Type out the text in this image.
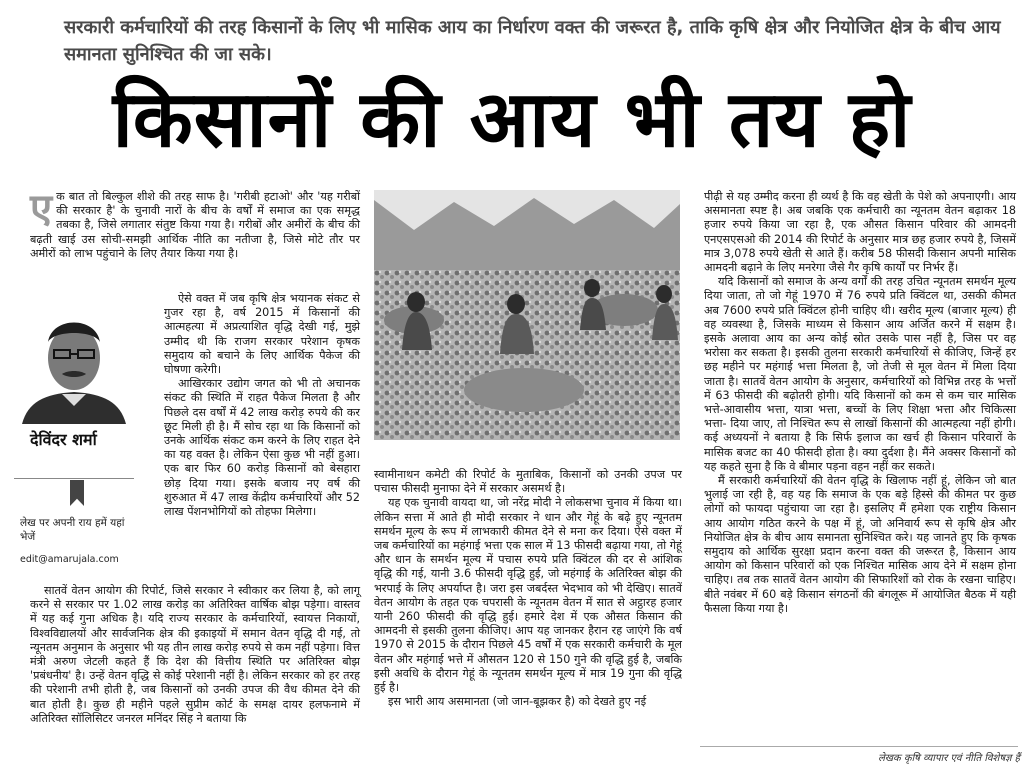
सरकारी कर्मचारियों की तरह किसानों के लिए भी मासिक आय का निर्धारण वक्त की जरूरत है, ताकि कृषि क्षेत्र और नियोजित क्षेत्र के बीच आय समानता सुनिश्चित की जा सके।
किसानों की आय भी तय हो
ए क बात तो बिल्कुल शीशे की तरह साफ है। 'गरीबी हटाओ' और 'यह गरीबों की सरकार है' के चुनावी नारों के बीच के वर्षों में समाज का एक समृद्ध तबका है, जिसे लगातार संतुष्ट किया गया है। गरीबों और अमीरों के बीच की बढ़ती खाई उस सोची-समझी आर्थिक नीति का नतीजा है, जिसे मोटे तौर पर अमीरों को लाभ पहुंचाने के लिए तैयार किया गया है।

देविंदर शर्मा
लेख पर अपनी राय हमें यहां भेजें
edit@amarujala.com

ऐसे वक्त में जब कृषि क्षेत्र भयानक संकट से गुजर रहा है, वर्ष 2015 में किसानों की आत्महत्या में अप्रत्याशित वृद्धि देखी गई, मुझे उम्मीद थी कि राजग सरकार परेशान कृषक समुदाय को बचाने के लिए आर्थिक पैकेज की घोषणा करेगी।

आखिरकार उद्योग जगत को भी तो अचानक संकट की स्थिति में राहत पैकेज मिलता है और पिछले दस वर्षों में 42 लाख करोड़ रुपये की कर छूट मिली ही है। मैं सोच रहा था कि किसानों को उनके आर्थिक संकट कम करने के लिए राहत देने का यह वक्त है। लेकिन ऐसा कुछ भी नहीं हुआ। एक बार फिर 60 करोड़ किसानों को बेसहारा छोड़ दिया गया। इसके बजाय नए वर्ष की शुरुआत में 47 लाख केंद्रीय कर्मचारियों और 52 लाख पेंशनभोगियों को तोहफा मिलेगा।

सातवें वेतन आयोग की रिपोर्ट, जिसे सरकार ने स्वीकार कर लिया है, को लागू करने से सरकार पर 1.02 लाख करोड़ का अतिरिक्त वार्षिक बोझ पड़ेगा। वास्तव में यह कई गुना अधिक है। यदि राज्य सरकार के कर्मचारियों, स्वायत्त निकायों, विश्वविद्यालयों और सार्वजनिक क्षेत्र की इकाइयों में समान वेतन वृद्धि दी गई, तो न्यूनतम अनुमान के अनुसार भी यह तीन लाख करोड़ रुपये से कम नहीं पड़ेगा। वित्त मंत्री अरुण जेटली कहते हैं कि देश की वित्तीय स्थिति पर अतिरिक्त बोझ 'प्रबंधनीय' है। उन्हें वेतन वृद्धि से कोई परेशानी नहीं है। लेकिन सरकार को हर तरह की परेशानी तभी होती है, जब किसानों को उनकी उपज की वैध कीमत देने की बात होती है। कुछ ही महीने पहले सुप्रीम कोर्ट के समक्ष दायर हलफनामे में अतिरिक्त सॉलिसिटर जनरल मनिंदर सिंह ने बताया कि

स्वामीनाथन कमेटी की रिपोर्ट के मुताबिक, किसानों को उनकी उपज पर पचास फीसदी मुनाफा देने में सरकार असमर्थ है।

यह एक चुनावी वायदा था, जो नरेंद्र मोदी ने लोकसभा चुनाव में किया था। लेकिन सत्ता में आते ही मोदी सरकार ने धान और गेहूं के बढ़े हुए न्यूनतम समर्थन मूल्य के रूप में लाभकारी कीमत देने से मना कर दिया। ऐसे वक्त में जब कर्मचारियों का महंगाई भत्ता एक साल में 13 फीसदी बढ़ाया गया, तो गेहूं और धान के समर्थन मूल्य में पचास रुपये प्रति क्विंटल की दर से आंशिक वृद्धि की गई, यानी 3.6 फीसदी वृद्धि हुई, जो महंगाई के अतिरिक्त बोझ की भरपाई के लिए अपर्याप्त है। जरा इस जबर्दस्त भेदभाव को भी देखिए। सातवें वेतन आयोग के तहत एक चपरासी के न्यूनतम वेतन में सात से अट्ठारह हजार यानी 260 फीसदी की वृद्धि हुई। हमारे देश में एक औसत किसान की आमदनी से इसकी तुलना कीजिए। आप यह जानकर हैरान रह जाएंगे कि वर्ष 1970 से 2015 के दौरान पिछले 45 वर्षों में एक सरकारी कर्मचारी के मूल वेतन और महंगाई भत्ते में औसतन 120 से 150 गुने की वृद्धि हुई है, जबकि इसी अवधि के दौरान गेहूं के न्यूनतम समर्थन मूल्य में मात्र 19 गुना की वृद्धि हुई है।

इस भारी आय असमानता (जो जान-बूझकर है) को देखते हुए नई

पीढ़ी से यह उम्मीद करना ही व्यर्थ है कि वह खेती के पेशे को अपनाएगी। आय असमानता स्पष्ट है। अब जबकि एक कर्मचारी का न्यूनतम वेतन बढ़ाकर 18 हजार रुपये किया जा रहा है, एक औसत किसान परिवार की आमदनी एनएसएसओ की 2014 की रिपोर्ट के अनुसार मात्र छह हजार रुपये है, जिसमें मात्र 3,078 रुपये खेती से आते हैं। करीब 58 फीसदी किसान अपनी मासिक आमदनी बढ़ाने के लिए मनरेगा जैसे गैर कृषि कार्यों पर निर्भर हैं।

यदि किसानों को समाज के अन्य वर्गों की तरह उचित न्यूनतम समर्थन मूल्य दिया जाता, तो जो गेहूं 1970 में 76 रुपये प्रति क्विंटल था, उसकी कीमत अब 7600 रुपये प्रति क्विंटल होनी चाहिए थी। खरीद मूल्य (बाजार मूल्य) ही वह व्यवस्था है, जिसके माध्यम से किसान आय अर्जित करने में सक्षम है। इसके अलावा आय का अन्य कोई स्रोत उसके पास नहीं है, जिस पर वह भरोसा कर सकता है। इसकी तुलना सरकारी कर्मचारियों से कीजिए, जिन्हें हर छह महीने पर महंगाई भत्ता मिलता है, जो तेजी से मूल वेतन में मिला दिया जाता है। सातवें वेतन आयोग के अनुसार, कर्मचारियों को विभिन्न तरह के भत्तों में 63 फीसदी की बढ़ोतरी होगी। यदि किसानों को कम से कम चार मासिक भत्ते-आवासीय भत्ता, यात्रा भत्ता, बच्चों के लिए शिक्षा भत्ता और चिकित्सा भत्ता- दिया जाए, तो निश्चित रूप से लाखों किसानों की आत्महत्या नहीं होगी। कई अध्ययनों ने बताया है कि सिर्फ इलाज का खर्च ही किसान परिवारों के मासिक बजट का 40 फीसदी होता है। क्या दुर्दशा है। मैंने अक्सर किसानों को यह कहते सुना है कि वे बीमार पड़ना वहन नहीं कर सकते।

मैं सरकारी कर्मचारियों की वेतन वृद्धि के खिलाफ नहीं हूं, लेकिन जो बात भुलाई जा रही है, वह यह कि समाज के एक बड़े हिस्से की कीमत पर कुछ लोगों को फायदा पहुंचाया जा रहा है। इसलिए मैं हमेशा एक राष्ट्रीय किसान आय आयोग गठित करने के पक्ष में हूं, जो अनिवार्य रूप से कृषि क्षेत्र और नियोजित क्षेत्र के बीच आय समानता सुनिश्चित करे। यह जानते हुए कि कृषक समुदाय को आर्थिक सुरक्षा प्रदान करना वक्त की जरूरत है, किसान आय आयोग को किसान परिवारों को एक निश्चित मासिक आय देने में सक्षम होना चाहिए। तब तक सातवें वेतन आयोग की सिफारिशों को रोक के रखना चाहिए। बीते नवंबर में 60 बड़े किसान संगठनों की बंगलूरू में आयोजित बैठक में यही फैसला किया गया है।

लेखक कृषि व्यापार एवं नीति विशेषज्ञ हैं
